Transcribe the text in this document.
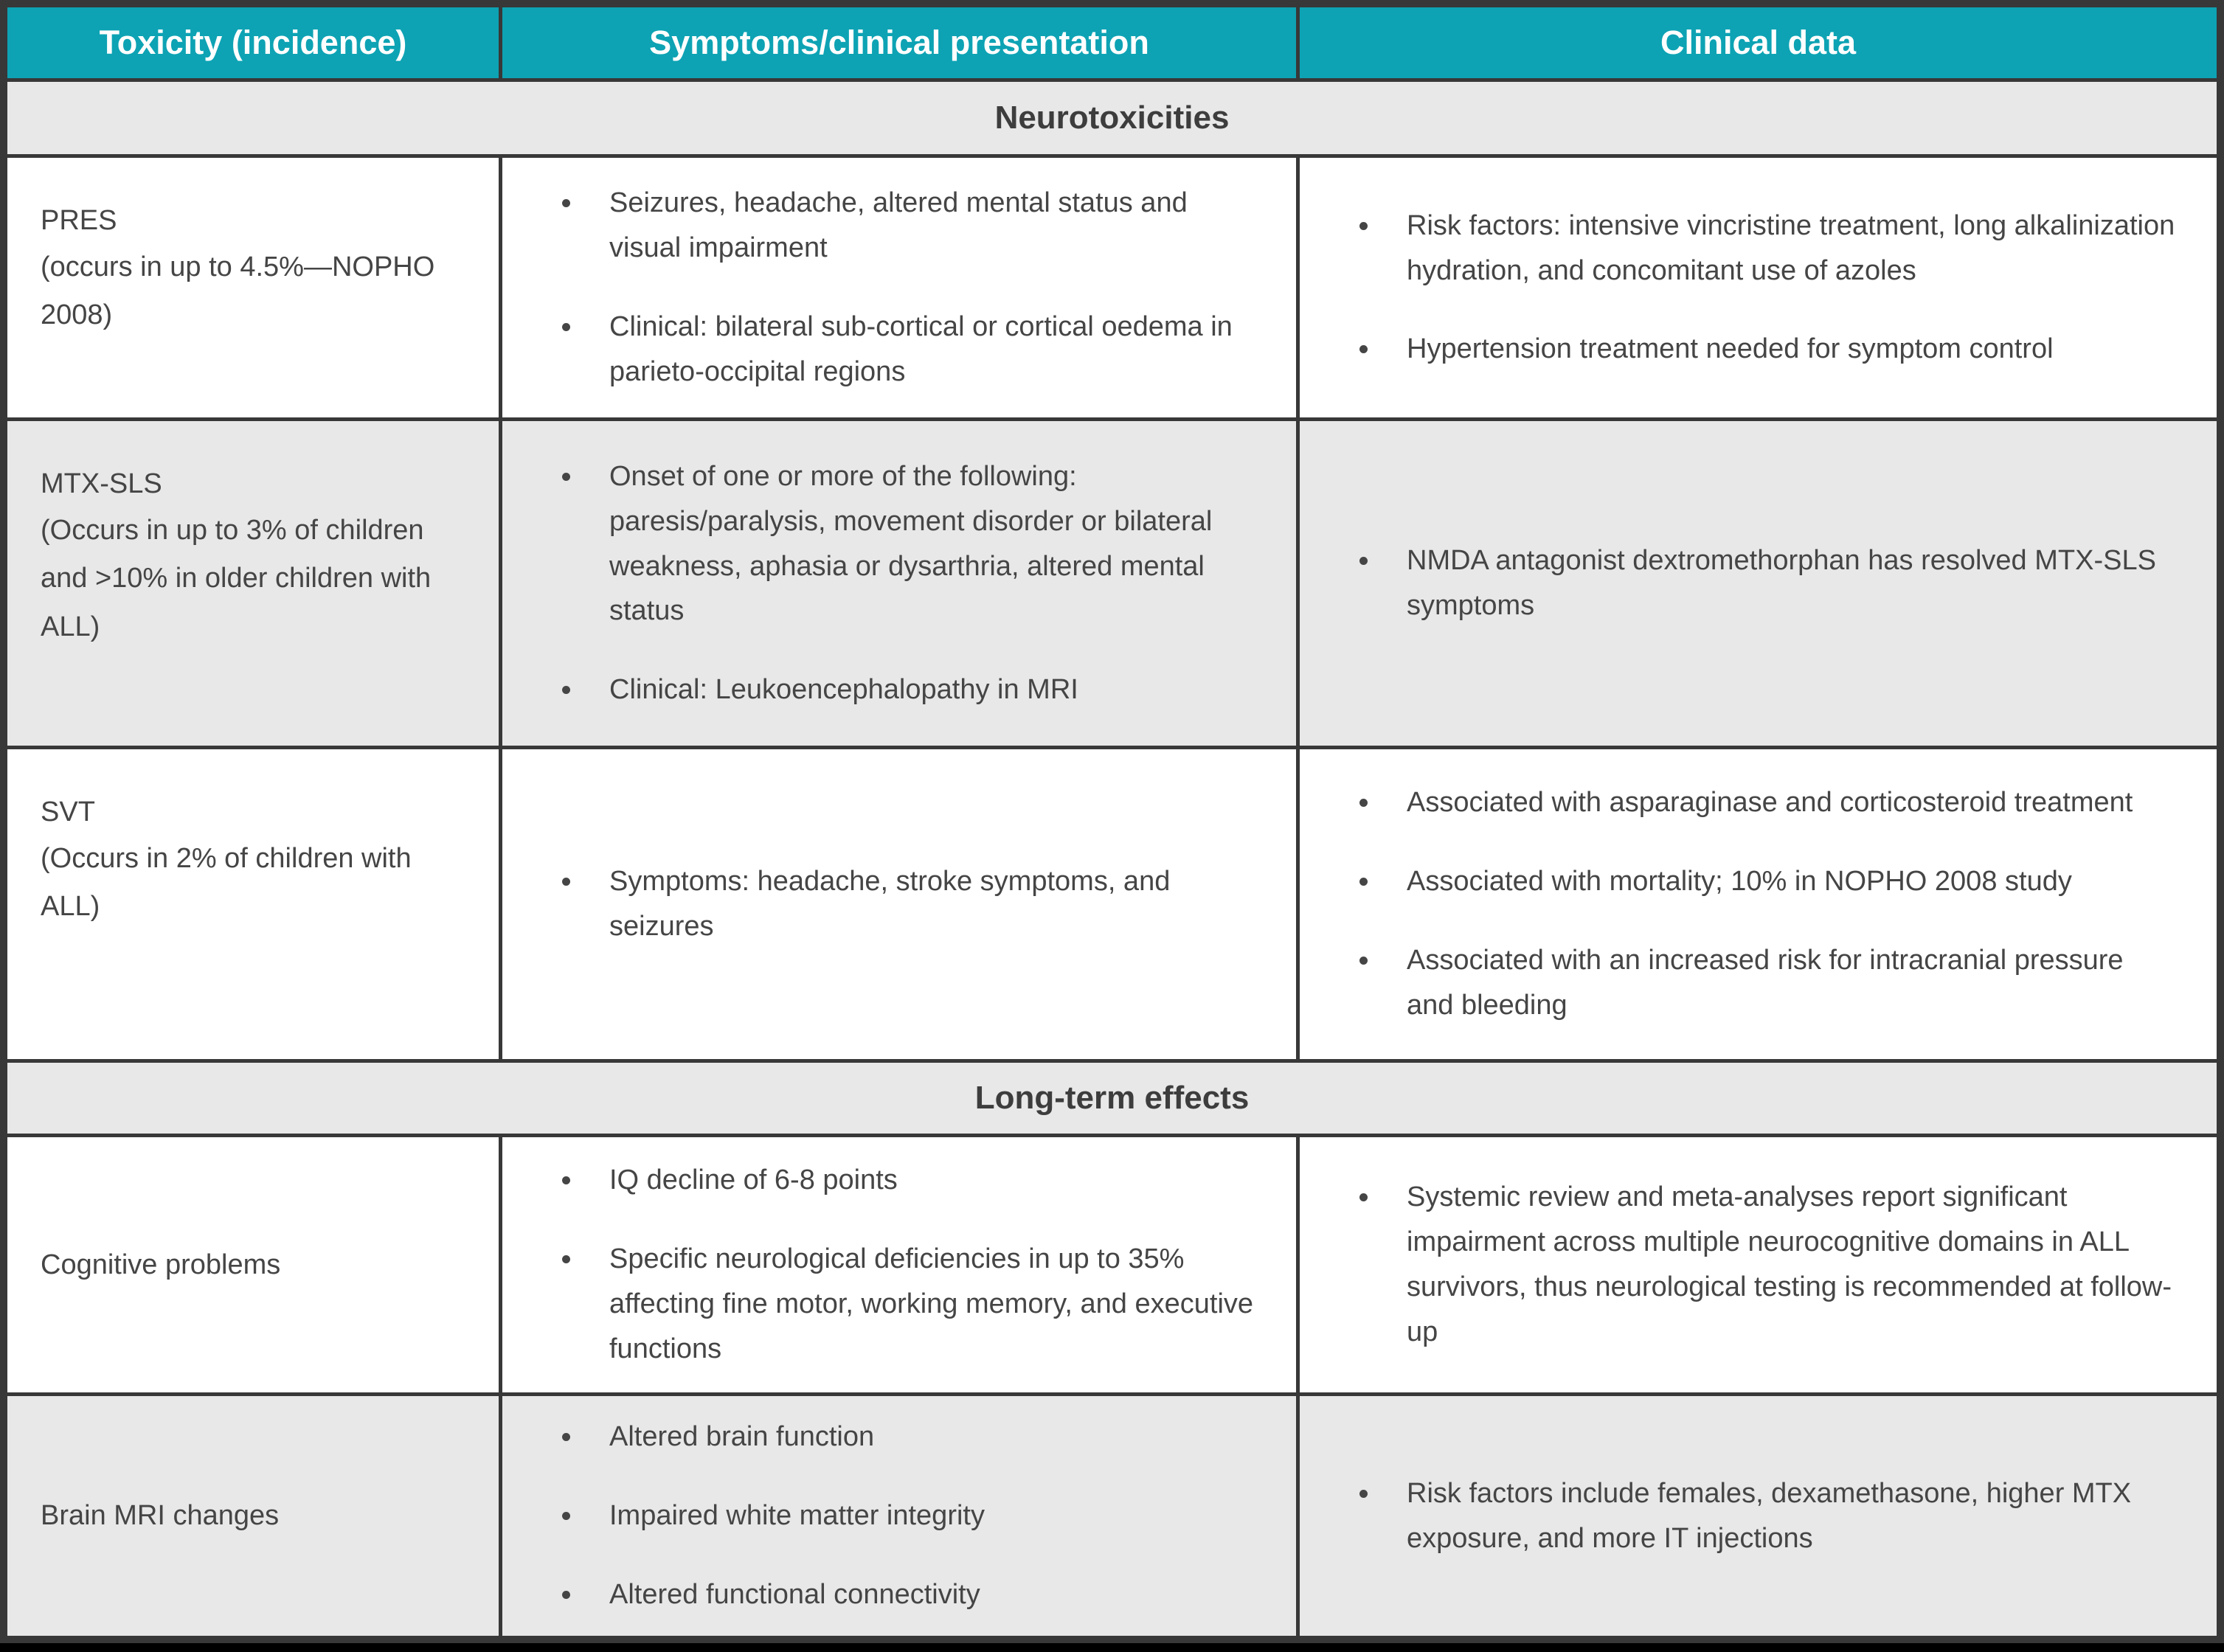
Toxicity (incidence)	Symptoms/clinical presentation	Clinical data
Neurotoxicities

PRES

(occurs in up to 4.5%—NOPHO 2008)

Seizures, headache, altered mental status and visual impairment
Clinical: bilateral sub-cortical or cortical oedema in parieto-occipital regions
Risk factors: intensive vincristine treatment, long alkalinization hydration, and concomitant use of azoles
Hypertension treatment needed for symptom control

MTX-SLS

(Occurs in up to 3% of children and >10% in older children with ALL)

Onset of one or more of the following: paresis/paralysis, movement disorder or bilateral weakness, aphasia or dysarthria, altered mental status
Clinical: Leukoencephalopathy in MRI
NMDA antagonist dextromethorphan has resolved MTX-SLS symptoms

SVT

(Occurs in 2% of children with ALL)

Symptoms: headache, stroke symptoms, and seizures
Associated with asparaginase and corticosteroid treatment
Associated with mortality; 10% in NOPHO 2008 study
Associated with an increased risk for intracranial pressure and bleeding
Long-term effects

Cognitive problems

IQ decline of 6-8 points
Specific neurological deficiencies in up to 35% affecting fine motor, working memory, and executive functions
Systemic review and meta-analyses report significant impairment across multiple neurocognitive domains in ALL survivors, thus neurological testing is recommended at follow-up

Brain MRI changes

Altered brain function
Impaired white matter integrity
Altered functional connectivity
Risk factors include females, dexamethasone, higher MTX exposure, and more IT injections
